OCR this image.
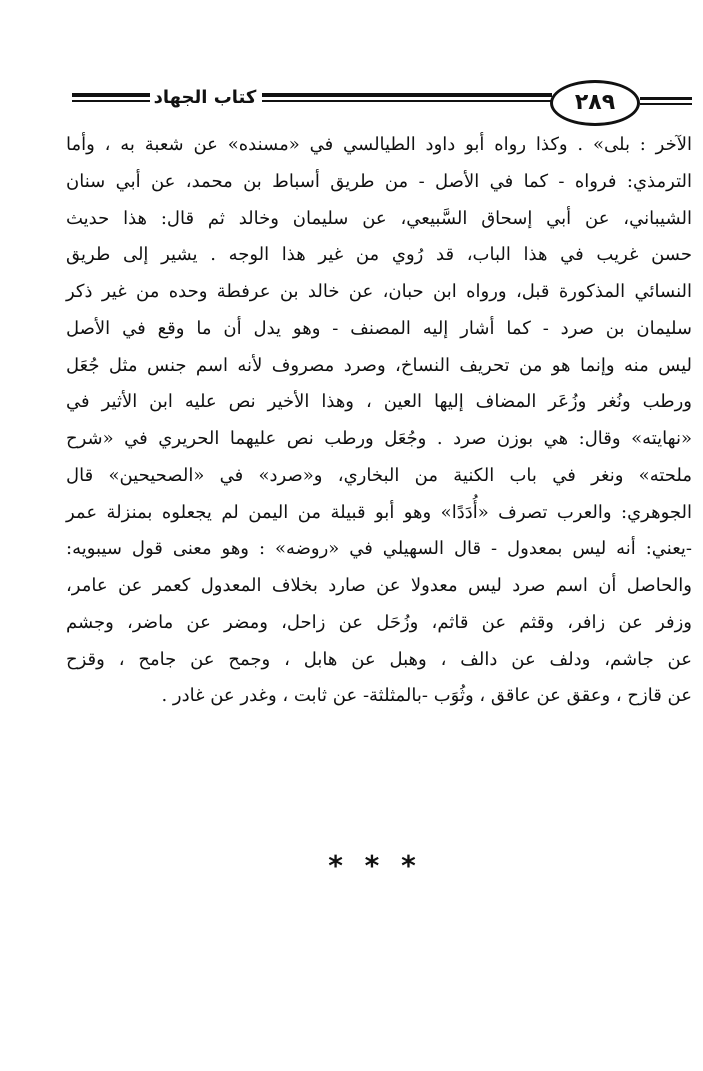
كتاب الجهاد	٢٨٩
الآخر : بلى» . وكذا رواه أبو داود الطيالسي في «مسنده» عن شعبة به ، وأما
الترمذي: فرواه - كما في الأصل - من طريق أسباط بن محمد، عن أبي سنان
الشيباني، عن أبي إسحاق السَّبيعي، عن سليمان وخالد ثم قال: هذا حديث
حسن غريب في هذا الباب، قد رُوي من غير هذا الوجه . يشير إلى طريق
النسائي المذكورة قبل، ورواه ابن حبان، عن خالد بن عرفطة وحده من غير ذكر
سليمان بن صرد - كما أشار إليه المصنف - وهو يدل أن ما وقع في الأصل
ليس منه وإنما هو من تحريف النساخ، وصرد مصروف لأنه اسم جنس مثل جُعَل
ورطب ونُغر وزُعَر المضاف إليها العين ، وهذا الأخير نص عليه ابن الأثير في
«نهايته» وقال: هي بوزن صرد . وجُعَل ورطب نص عليهما الحريري في «شرح
ملحته» ونغر في باب الكنية من البخاري، و«صرد» في «الصحيحين» قال
الجوهري: والعرب تصرف «أُدَدًا» وهو أبو قبيلة من اليمن لم يجعلوه بمنزلة عمر
-يعني: أنه ليس بمعدول - قال السهيلي في «روضه» : وهو معنى قول سيبويه:
والحاصل أن اسم صرد ليس معدولا عن صارد بخلاف المعدول كعمر عن عامر،
وزفر عن زافر، وقثم عن قاثم، وزُحَل عن زاحل، ومضر عن ماضر، وجشم
عن جاشم، ودلف عن دالف ، وهبل عن هابل ، وجمح عن جامح ، وقزح
عن قازح ، وعقق عن عاقق ، وثُوَب -بالمثلثة- عن ثابت ، وغدر عن غادر .
* * *
